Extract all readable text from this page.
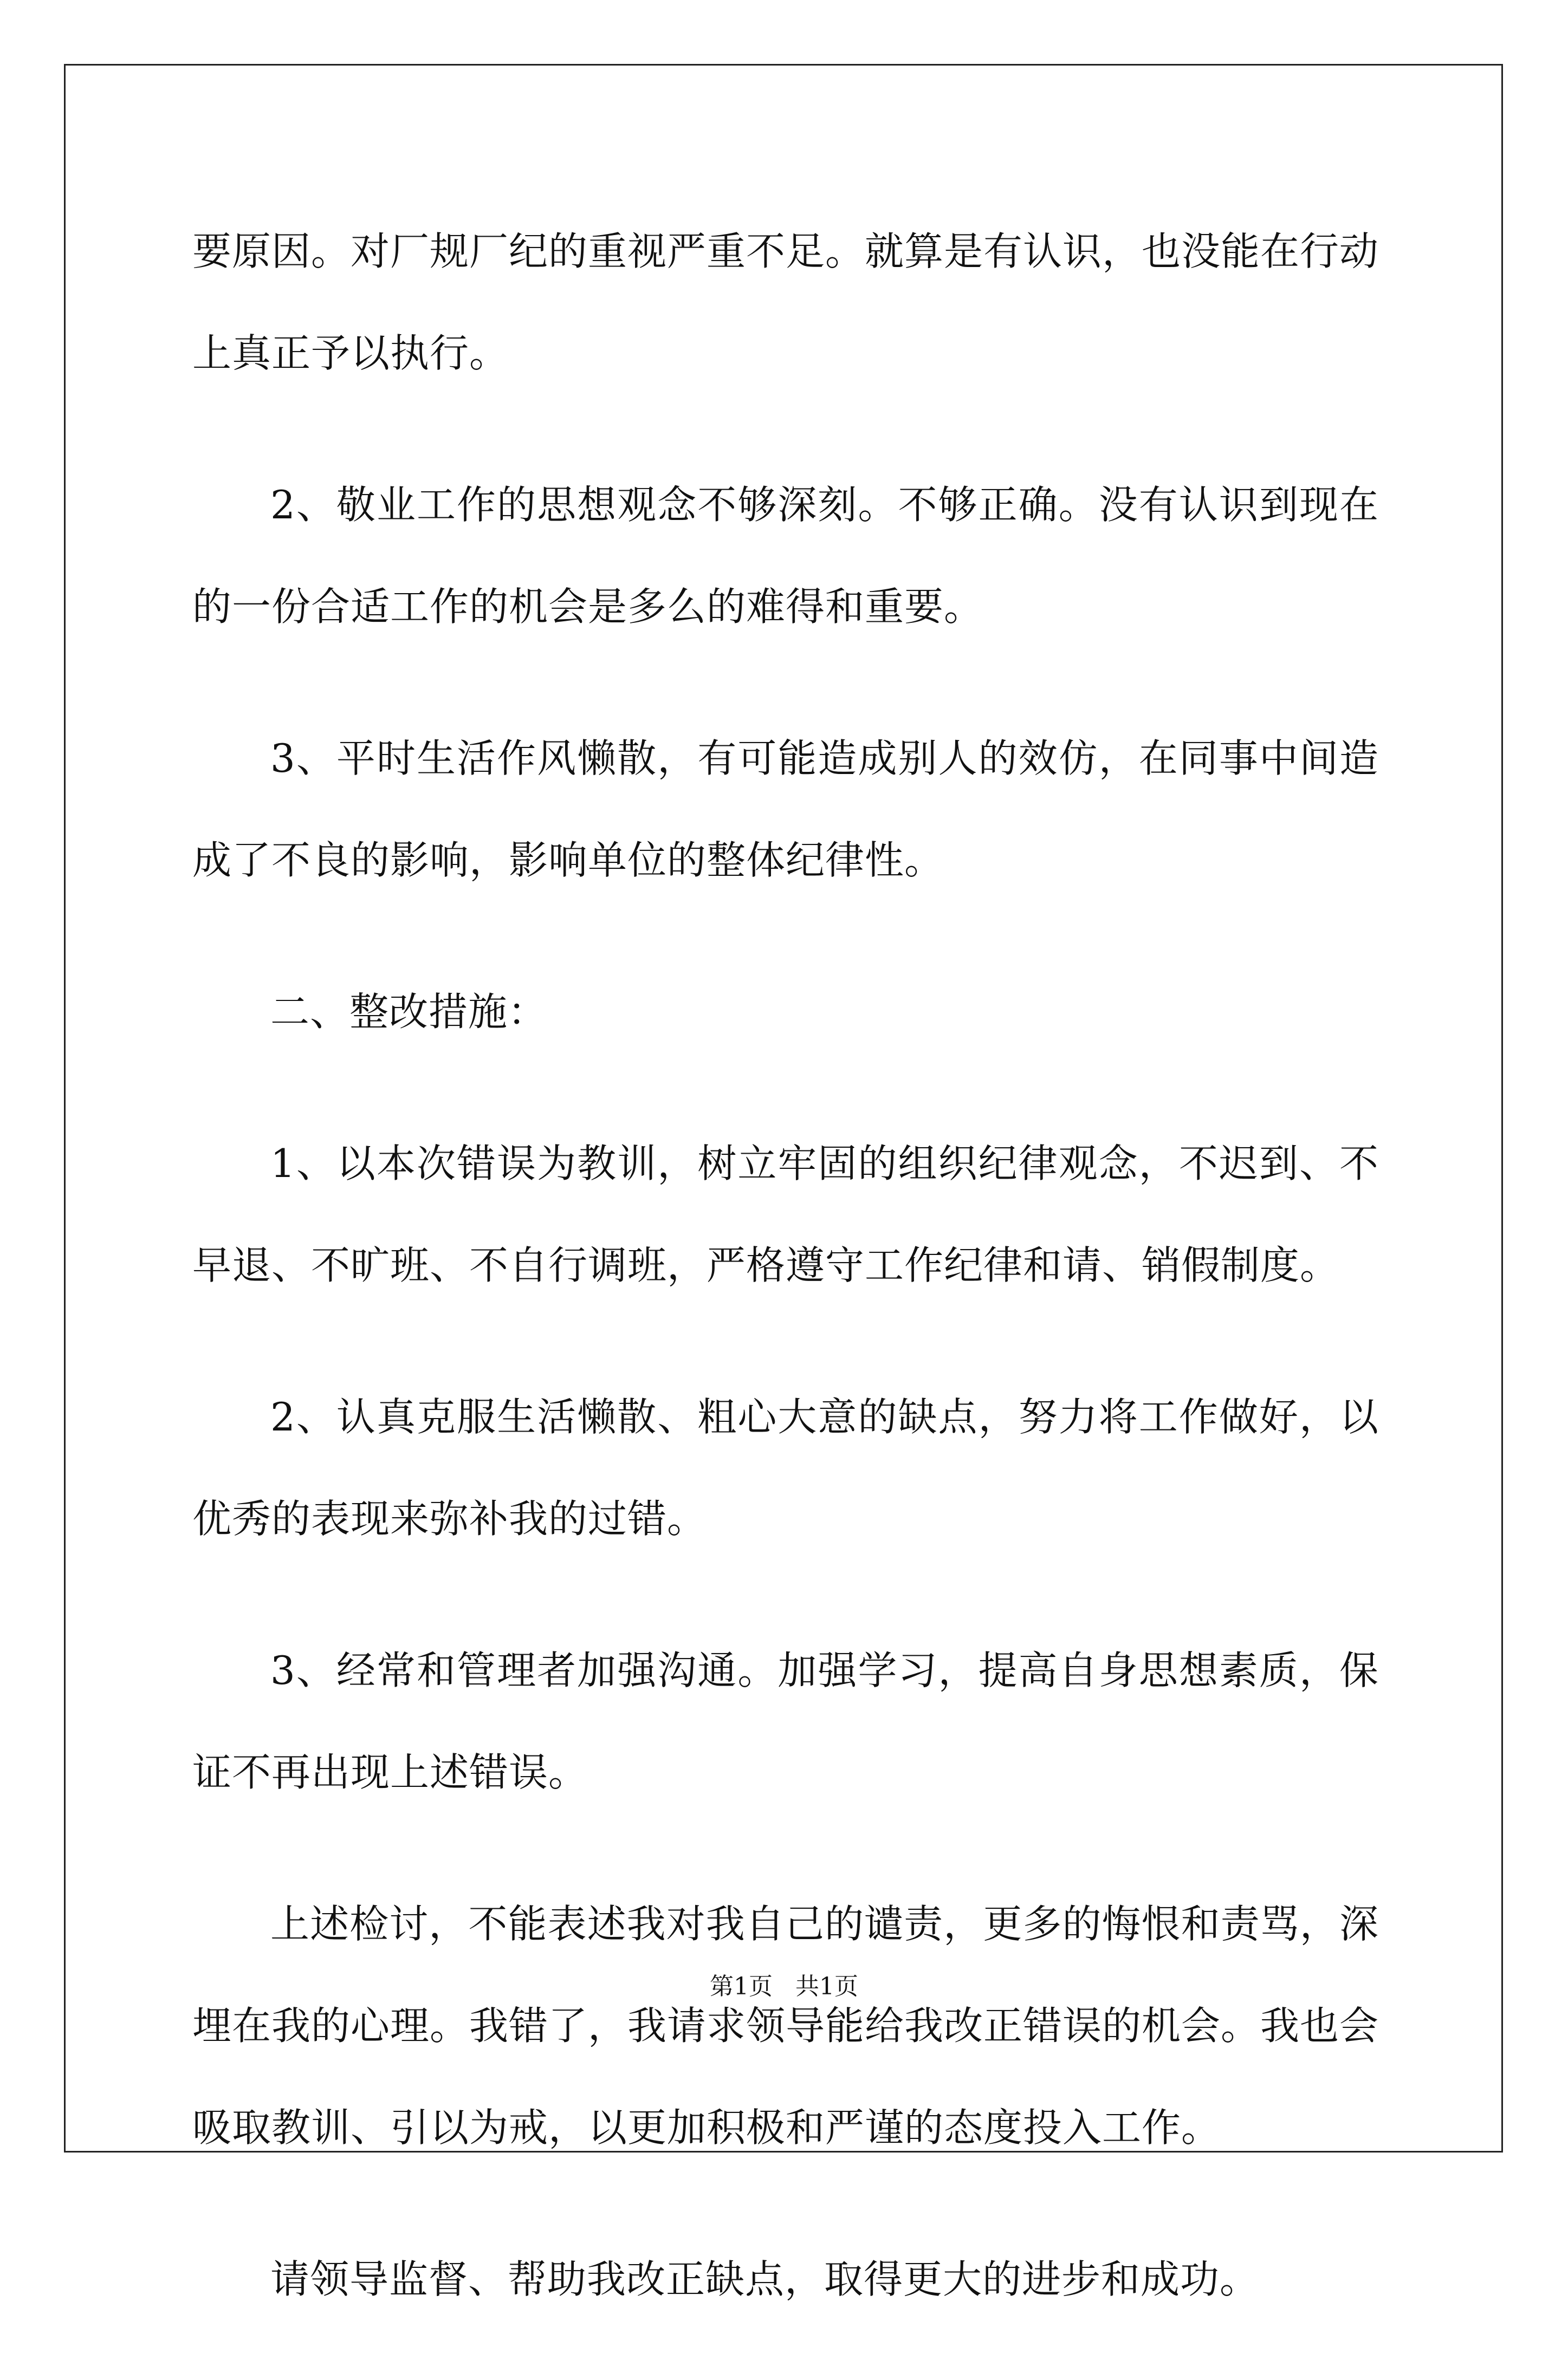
要原因。对厂规厂纪的重视严重不足。就算是有认识，也没能在行动上真正予以执行。

2、敬业工作的思想观念不够深刻。不够正确。没有认识到现在的一份合适工作的机会是多么的难得和重要。

3、平时生活作风懒散，有可能造成别人的效仿，在同事中间造成了不良的影响，影响单位的整体纪律性。

二、整改措施：

1、以本次错误为教训，树立牢固的组织纪律观念，不迟到、不早退、不旷班、不自行调班，严格遵守工作纪律和请、销假制度。

2、认真克服生活懒散、粗心大意的缺点，努力将工作做好，以优秀的表现来弥补我的过错。

3、经常和管理者加强沟通。加强学习，提高自身思想素质，保证不再出现上述错误。

上述检讨，不能表述我对我自己的谴责，更多的悔恨和责骂，深埋在我的心理。我错了，我请求领导能给我改正错误的机会。我也会吸取教训、引以为戒，以更加积极和严谨的态度投入工作。

请领导监督、帮助我改正缺点，取得更大的进步和成功。

第1页 共1页
